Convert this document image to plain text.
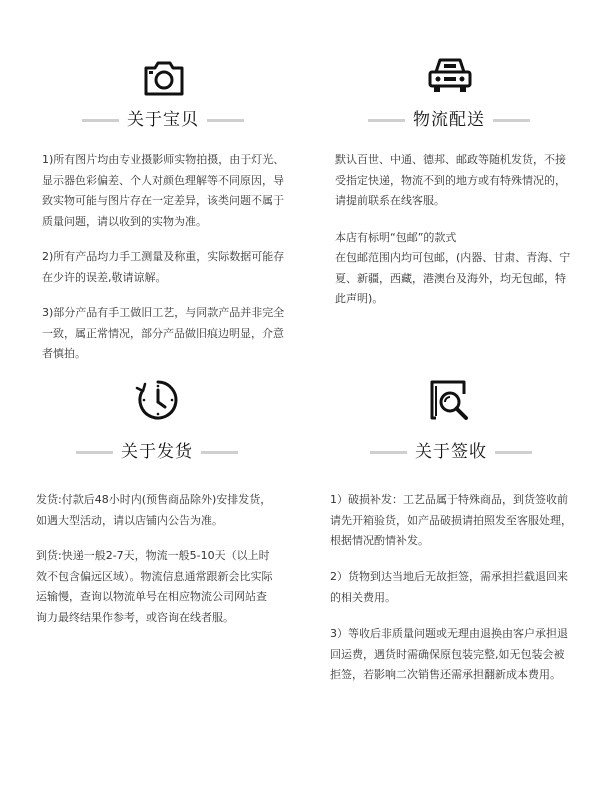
关于宝贝

1)所有图片均由专业摄影师实物拍摄，由于灯光、显示器色彩偏差、个人对颜色理解等不同原因，导致实物可能与图片存在一定差异，该类问题不属于质量问题，请以收到的实物为准。

2)所有产品均力手工测量及称重，实际数据可能存在少许的误差,敬请谅解。

3)部分产品有手工做旧工艺，与同款产品并非完全一致，属正常情况，部分产品做旧痕边明显，介意者慎拍。

物流配送

默认百世、中通、德邦、邮政等随机发货，不接受指定快递，物流不到的地方或有特殊情况的，请提前联系在线客服。

本店有标明“包邮”的款式

在包邮范围内均可包邮，(内器、甘肃、青海、宁夏、新疆，西藏，港澳台及海外，均无包邮，特此声明)。

关于发货

发货:付款后48小时内(预售商品除外)安排发货，如遇大型活动，请以店铺内公告为准。

到货:快递一般2-7天，物流一般5-10天（以上时效不包含偏远区域）。物流信息通常跟新会比实际运输慢，查询以物流单号在相应物流公司网站查询力最终结果作参考，或咨询在线者服。

关于签收

1）破损补发：工艺品属于特殊商品，到货签收前请先开箱验货，如产品破损请拍照发至客服处理，根据情况酌情补发。

2）货物到达当地后无故拒签，需承担拦截退回来的相关费用。

3）等收后非质量问题或无理由退换由客户承担退回运费，遇货时需确保原包装完整,如无包装会被拒签，若影响二次销售还需承担翻新成本费用。
